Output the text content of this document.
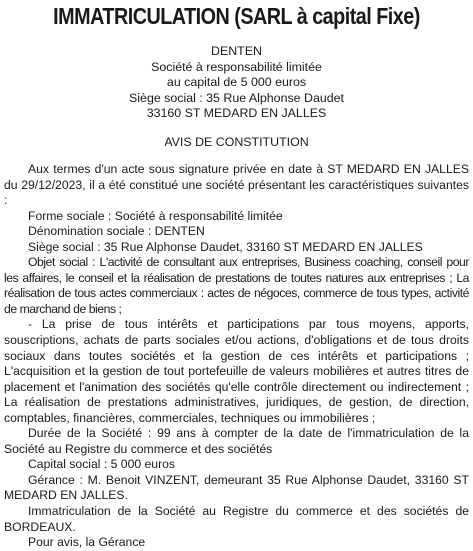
IMMATRICULATION (SARL à capital Fixe)
DENTEN
Société à responsabilité limitée
au capital de 5 000 euros
Siège social : 35 Rue Alphonse Daudet
33160 ST MEDARD EN JALLES
AVIS DE CONSTITUTION

Aux termes d'un acte sous signature privée en date à ST MEDARD EN JALLES du 29/12/2023, il a été constitué une société présentant les caractéristiques suivantes :

Forme sociale : Société à responsabilité limitée

Dénomination sociale : DENTEN

Siège social : 35 Rue Alphonse Daudet, 33160 ST MEDARD EN JALLES

Objet social : L'activité de consultant aux entreprises, Business coaching, conseil pour les affaires, le conseil et la réalisation de prestations de toutes natures aux entreprises ; La réalisation de tous actes commerciaux : actes de négoces, commerce de tous types, activité de marchand de biens ;

- La prise de tous intérêts et participations par tous moyens, apports, souscriptions, achats de parts sociales et/ou actions, d'obligations et de tous droits sociaux dans toutes sociétés et la gestion de ces intérêts et participations ; L'acquisition et la gestion de tout portefeuille de valeurs mobilières et autres titres de placement et l'animation des sociétés qu'elle contrôle directement ou indirectement ; La réalisation de prestations administratives, juridiques, de gestion, de direction, comptables, financières, commerciales, techniques ou immobilières ;

Durée de la Société : 99 ans à compter de la date de l'immatriculation de la Société au Registre du commerce et des sociétés

Capital social : 5 000 euros

Gérance : M. Benoit VINZENT, demeurant 35 Rue Alphonse Daudet, 33160 ST MEDARD EN JALLES.

Immatriculation de la Société au Registre du commerce et des sociétés de BORDEAUX.

Pour avis, la Gérance
